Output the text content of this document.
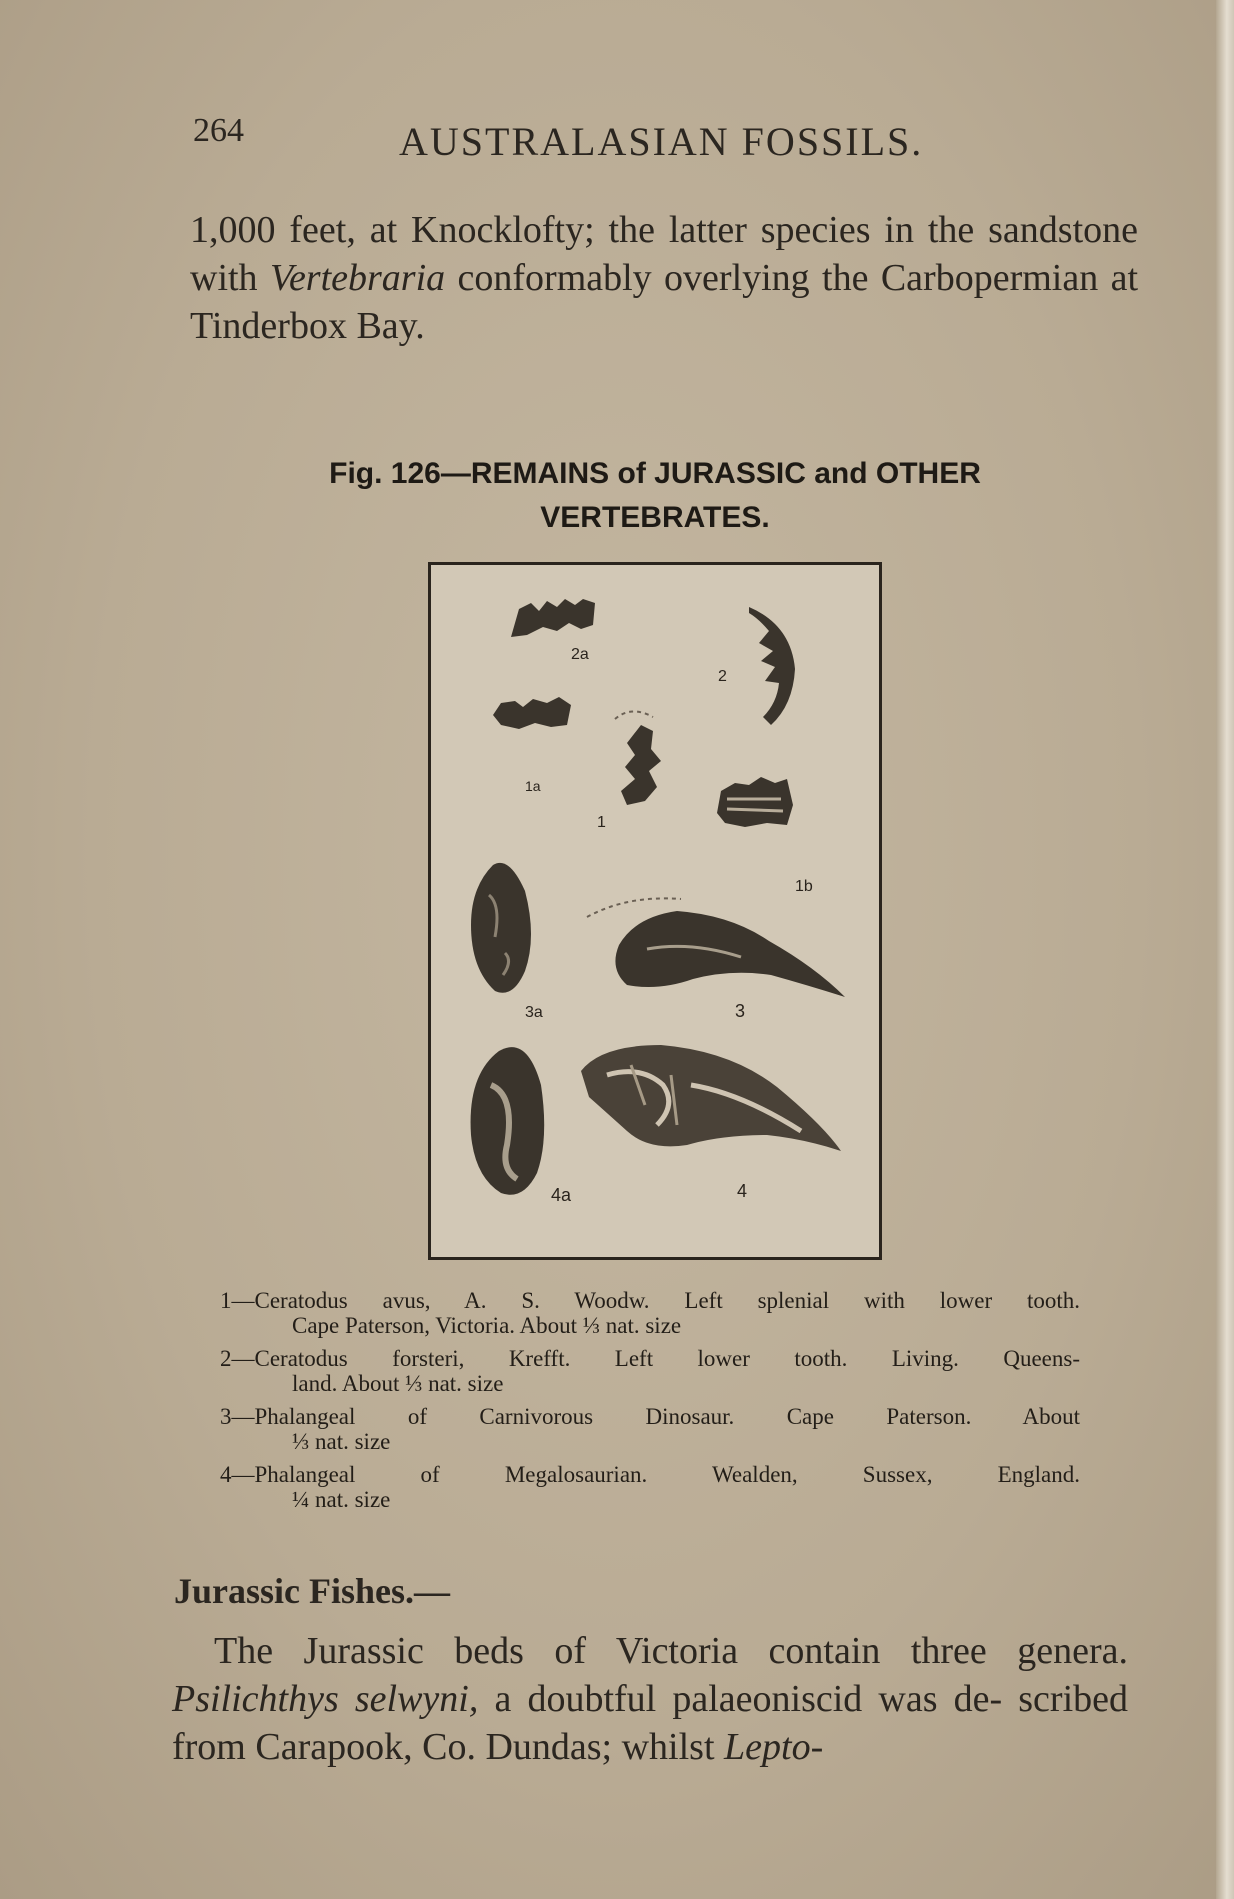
264	AUSTRALASIAN FOSSILS.
1,000 feet, at Knocklofty; the latter species in the sandstone with Vertebraria conformably overlying the Carbopermian at Tinderbox Bay.
Fig. 126—REMAINS of JURASSIC and OTHER VERTEBRATES.
2a
2
1a
1
1b
3a	3
4a	4
1—Ceratodus avus, A. S. Woodw. Left splenial with lower tooth.
Cape Paterson, Victoria. About ⅓ nat. size
2—Ceratodus forsteri, Krefft. Left lower tooth. Living. Queens-
land. About ⅓ nat. size
3—Phalangeal of Carnivorous Dinosaur. Cape Paterson. About
⅓ nat. size
4—Phalangeal of Megalosaurian. Wealden, Sussex, England.
¼ nat. size
Jurassic Fishes.—
The Jurassic beds of Victoria contain three genera. Psilichthys selwyni, a doubtful palaeoniscid was de- scribed from Carapook, Co. Dundas; whilst Lepto-
